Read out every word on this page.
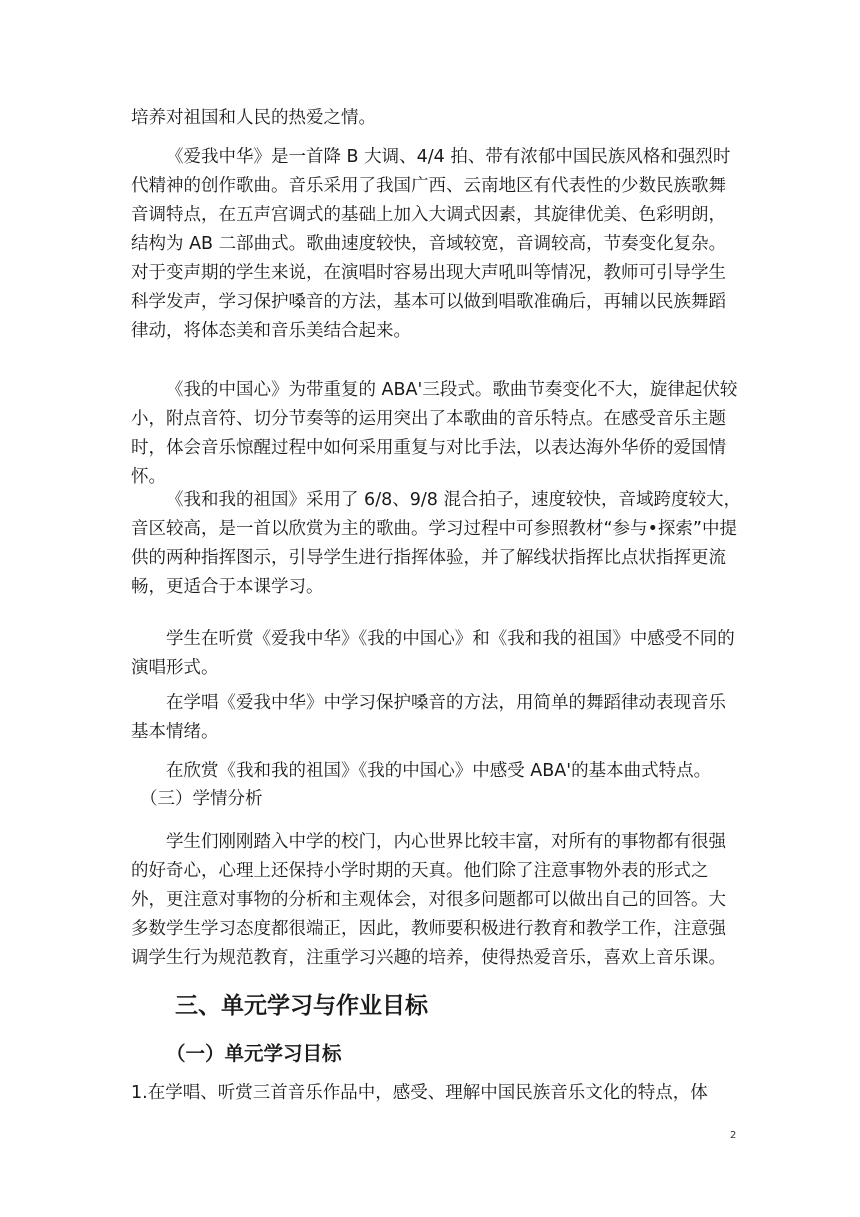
培养对祖国和人民的热爱之情。

《爱我中华》是一首降 B 大调、4/4 拍、带有浓郁中国民族风格和强烈时代精神的创作歌曲。音乐采用了我国广西、云南地区有代表性的少数民族歌舞音调特点，在五声宫调式的基础上加入大调式因素，其旋律优美、色彩明朗，结构为 AB 二部曲式。歌曲速度较快，音域较宽，音调较高，节奏变化复杂。对于变声期的学生来说，在演唱时容易出现大声吼叫等情况，教师可引导学生科学发声，学习保护嗓音的方法，基本可以做到唱歌准确后，再辅以民族舞蹈律动，将体态美和音乐美结合起来。

《我的中国心》为带重复的 ABA'三段式。歌曲节奏变化不大，旋律起伏较小，附点音符、切分节奏等的运用突出了本歌曲的音乐特点。在感受音乐主题时，体会音乐惊醒过程中如何采用重复与对比手法，以表达海外华侨的爱国情怀。

《我和我的祖国》采用了 6/8、9/8 混合拍子，速度较快，音域跨度较大，音区较高，是一首以欣赏为主的歌曲。学习过程中可参照教材“参与•探索”中提供的两种指挥图示，引导学生进行指挥体验，并了解线状指挥比点状指挥更流畅，更适合于本课学习。

学生在听赏《爱我中华》《我的中国心》和《我和我的祖国》中感受不同的演唱形式。

在学唱《爱我中华》中学习保护嗓音的方法，用简单的舞蹈律动表现音乐基本情绪。

在欣赏《我和我的祖国》《我的中国心》中感受 ABA'的基本曲式特点。

（三）学情分析

学生们刚刚踏入中学的校门，内心世界比较丰富，对所有的事物都有很强的好奇心，心理上还保持小学时期的天真。他们除了注意事物外表的形式之外，更注意对事物的分析和主观体会，对很多问题都可以做出自己的回答。大多数学生学习态度都很端正，因此，教师要积极进行教育和教学工作，注意强调学生行为规范教育，注重学习兴趣的培养，使得热爱音乐，喜欢上音乐课。

三、单元学习与作业目标
（一）单元学习目标

1.在学唱、听赏三首音乐作品中，感受、理解中国民族音乐文化的特点，体

2
